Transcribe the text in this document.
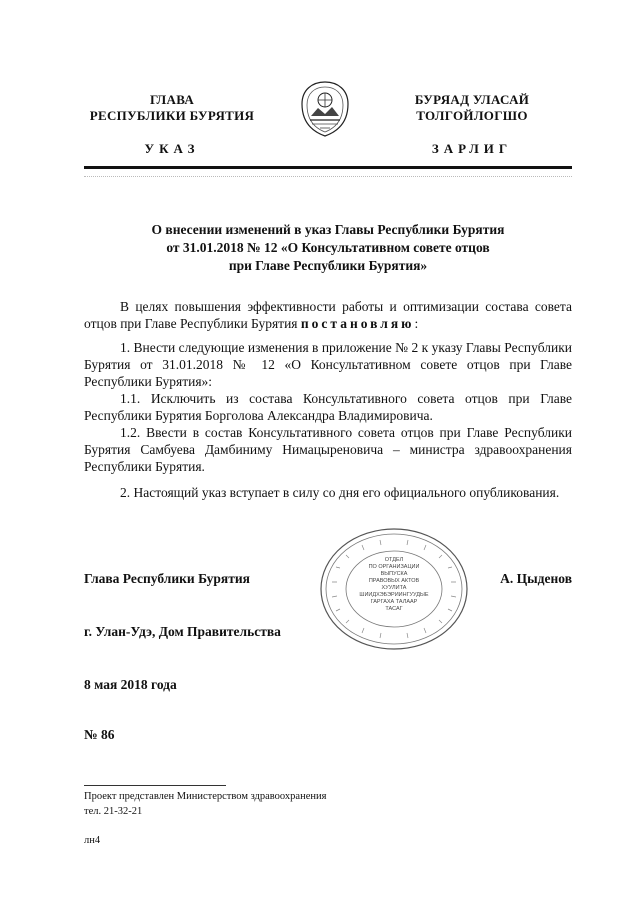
ГЛАВА
РЕСПУБЛИКИ БУРЯТИЯ
БУРЯАД УЛАСАЙ
ТОЛГОЙЛОГШО
УКАЗ	ЗАРЛИГ
О внесении изменений в указ Главы Республики Бурятия
от 31.01.2018 № 12 «О Консультативном совете отцов
при Главе Республики Бурятия»

В целях повышения эффективности работы и оптимизации состава совета отцов при Главе Республики Бурятия постановляю:

1. Внести следующие изменения в приложение № 2 к указу Главы Республики Бурятия от 31.01.2018 № 12 «О Консультативном совете отцов при Главе Республики Бурятия»:

1.1. Исключить из состава Консультативного совета отцов при Главе Республики Бурятия Борголова Александра Владимировича.

1.2. Ввести в состав Консультативного совета отцов при Главе Республики Бурятия Самбуева Дамбиниму Нимацыреновича – министра здравоохранения Республики Бурятия.

2. Настоящий указ вступает в силу со дня его официального опубликования.

ОТДЕЛ
ПО ОРГАНИЗАЦИИ
ВЫПУСКА
ПРАВОВЫХ АКТОВ
ХУУЛИТА
ШИИДХЭБЭРИИНГУУДЫЕ
ГАРГАХА ТАЛААР
ТАСАГ
Глава Республики Бурятия	А. Цыденов
г. Улан-Удэ, Дом Правительства
8 мая 2018 года
№ 86
Проект представлен Министерством здравоохранения
тел. 21-32-21
лн4
